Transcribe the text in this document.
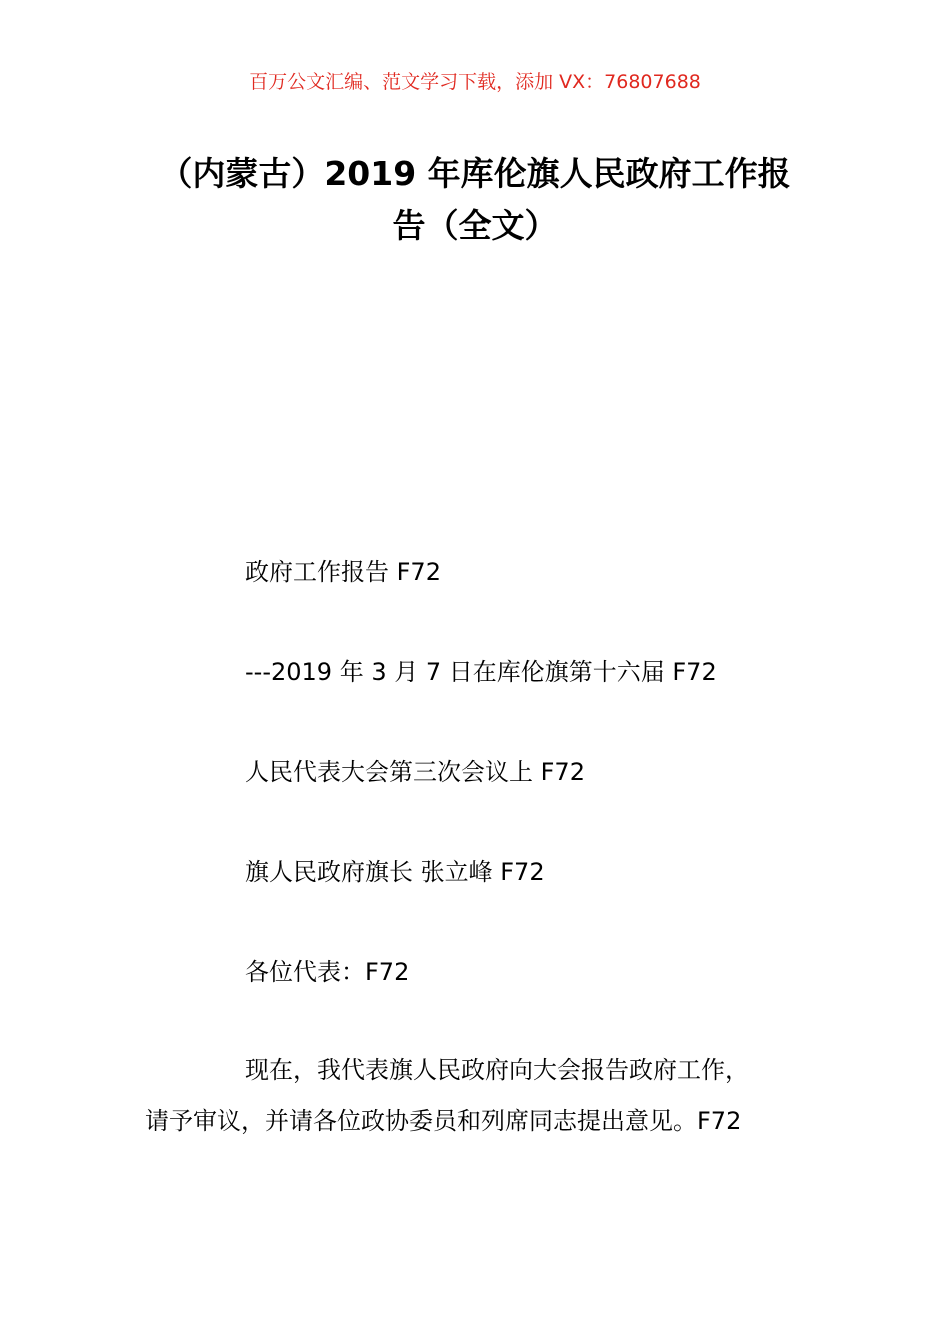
百万公文汇编、范文学习下载，添加 VX：76807688
（内蒙古）2019 年库伦旗人民政府工作报
告（全文）
政府工作报告 F72
---2019 年 3 月 7 日在库伦旗第十六届 F72
人民代表大会第三次会议上 F72
旗人民政府旗长 张立峰 F72
各位代表：F72
现在，我代表旗人民政府向大会报告政府工作，
请予审议，并请各位政协委员和列席同志提出意见。F72
